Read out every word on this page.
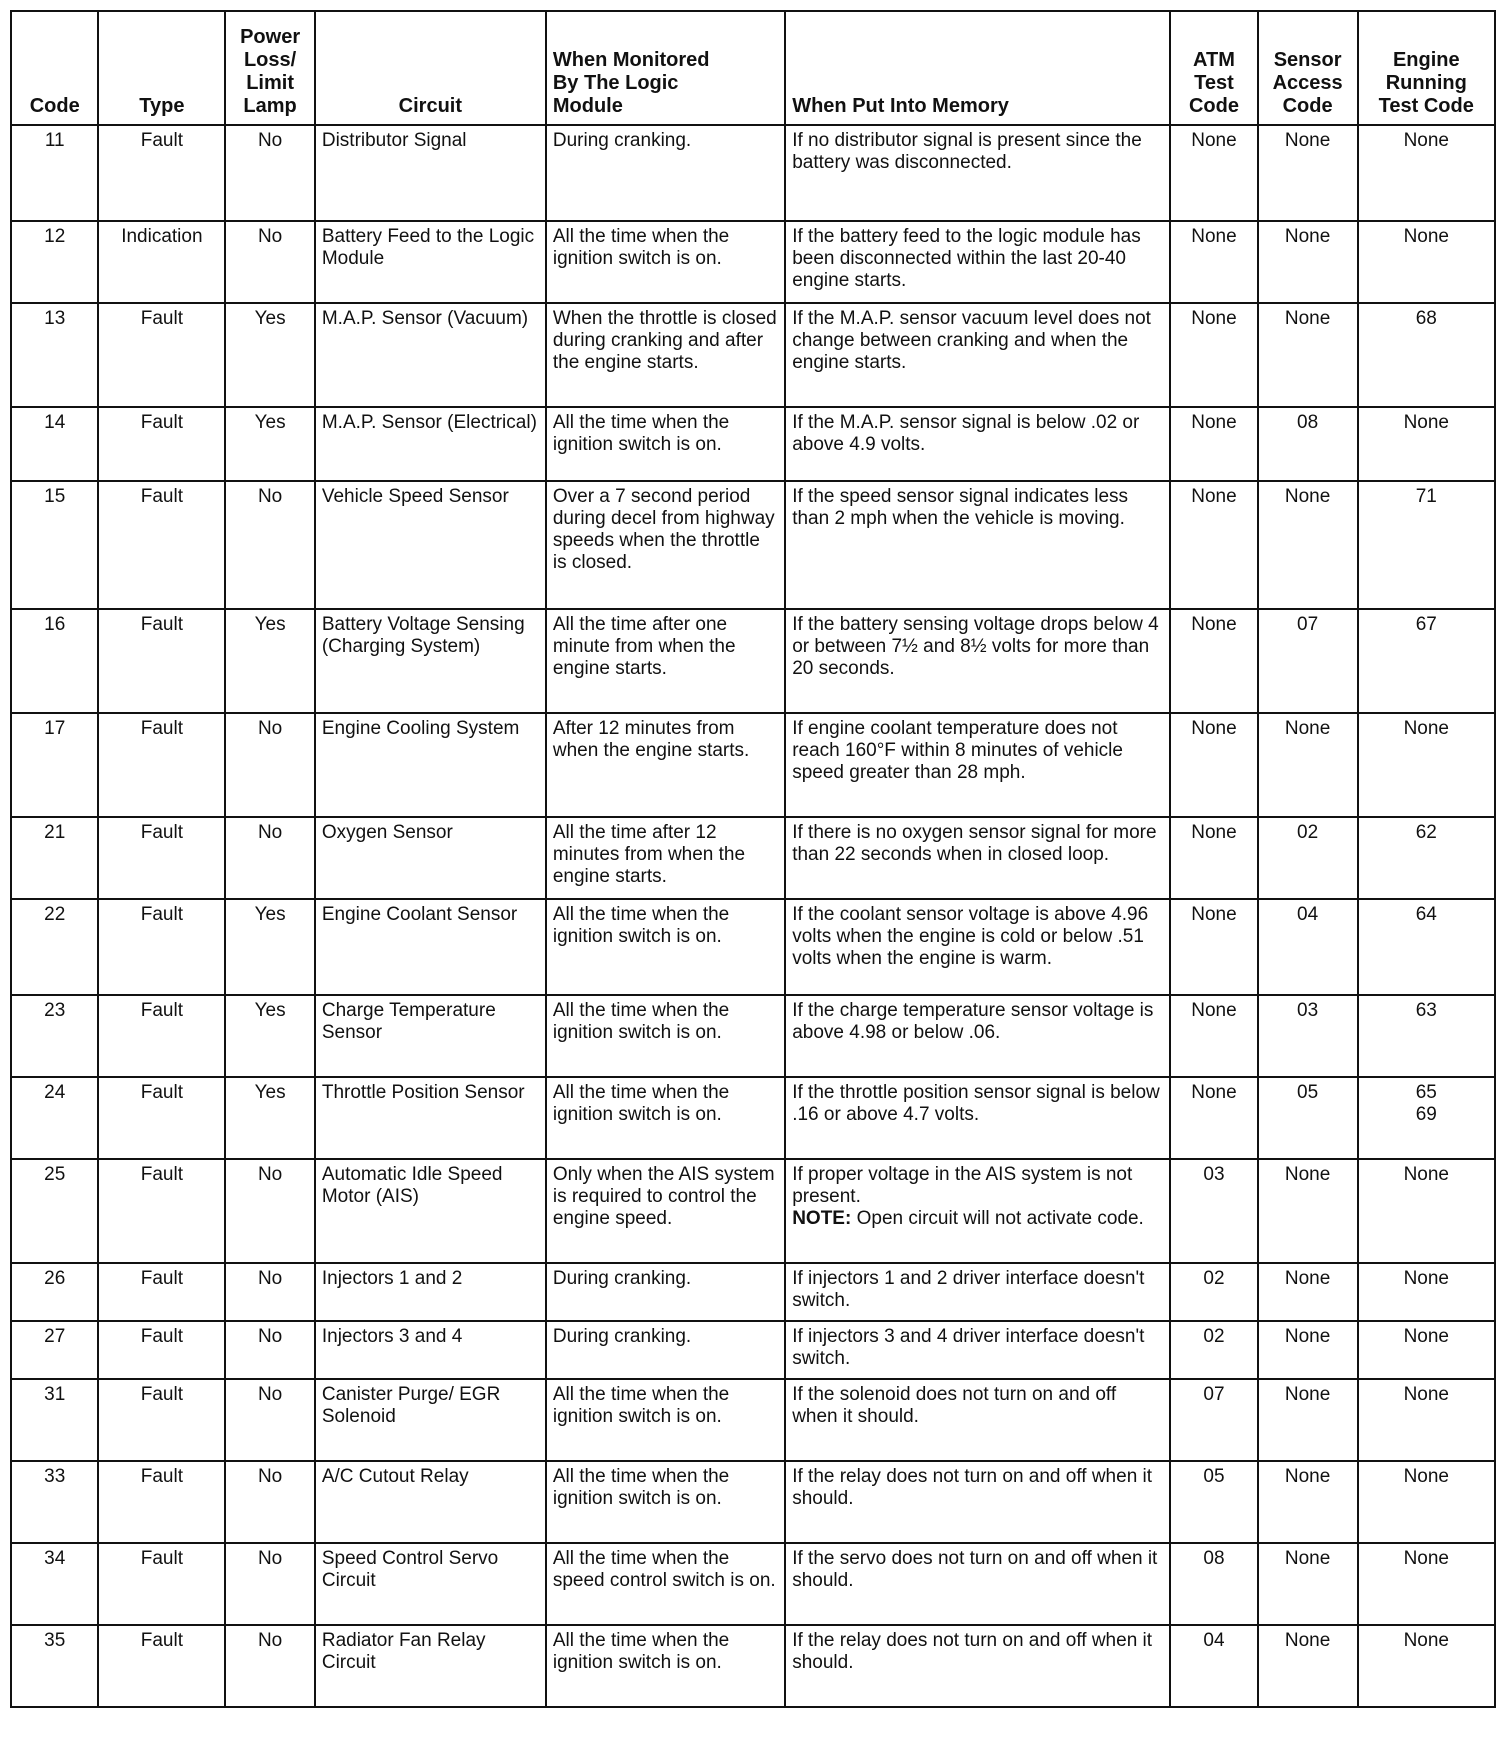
Code	Type	Power
Loss/
Limit
Lamp	Circuit	When Monitored
By The Logic
Module	When Put Into Memory	ATM
Test
Code	Sensor
Access
Code	Engine
Running
Test Code

11	Fault	No	Distributor Signal	During cranking.	If no distributor signal is present since the battery was disconnected.	None	None	None
12	Indication	No	Battery Feed to the Logic Module	All the time when the ignition switch is on.	If the battery feed to the logic module has been disconnected within the last 20-40 engine starts.	None	None	None
13	Fault	Yes	M.A.P. Sensor (Vacuum)	When the throttle is closed during cranking and after the engine starts.	If the M.A.P. sensor vacuum level does not change between cranking and when the engine starts.	None	None	68
14	Fault	Yes	M.A.P. Sensor (Electrical)	All the time when the ignition switch is on.	If the M.A.P. sensor signal is below .02 or above 4.9 volts.	None	08	None
15	Fault	No	Vehicle Speed Sensor	Over a 7 second period during decel from highway speeds when the throttle is closed.	If the speed sensor signal indicates less than 2 mph when the vehicle is moving.	None	None	71
16	Fault	Yes	Battery Voltage Sensing (Charging System)	All the time after one minute from when the engine starts.	If the battery sensing voltage drops below 4 or between 7½ and 8½ volts for more than 20 seconds.	None	07	67
17	Fault	No	Engine Cooling System	After 12 minutes from when the engine starts.	If engine coolant temperature does not reach 160°F within 8 minutes of vehicle speed greater than 28 mph.	None	None	None
21	Fault	No	Oxygen Sensor	All the time after 12 minutes from when the engine starts.	If there is no oxygen sensor signal for more than 22 seconds when in closed loop.	None	02	62
22	Fault	Yes	Engine Coolant Sensor	All the time when the ignition switch is on.	If the coolant sensor voltage is above 4.96 volts when the engine is cold or below .51 volts when the engine is warm.	None	04	64
23	Fault	Yes	Charge Temperature Sensor	All the time when the ignition switch is on.	If the charge temperature sensor voltage is above 4.98 or below .06.	None	03	63
24	Fault	Yes	Throttle Position Sensor	All the time when the ignition switch is on.	If the throttle position sensor signal is below .16 or above 4.7 volts.	None	05	65
69

25	Fault	No	Automatic Idle Speed Motor (AIS)	Only when the AIS system is required to control the engine speed.	If proper voltage in the AIS system is not present.
NOTE: Open circuit will not activate code.	03	None	None
26	Fault	No	Injectors 1 and 2	During cranking.	If injectors 1 and 2 driver interface doesn't switch.	02	None	None
27	Fault	No	Injectors 3 and 4	During cranking.	If injectors 3 and 4 driver interface doesn't switch.	02	None	None
31	Fault	No	Canister Purge/ EGR Solenoid	All the time when the ignition switch is on.	If the solenoid does not turn on and off when it should.	07	None	None
33	Fault	No	A/C Cutout Relay	All the time when the ignition switch is on.	If the relay does not turn on and off when it should.	05	None	None
34	Fault	No	Speed Control Servo Circuit	All the time when the speed control switch is on.	If the servo does not turn on and off when it should.	08	None	None
35	Fault	No	Radiator Fan Relay Circuit	All the time when the ignition switch is on.	If the relay does not turn on and off when it should.	04	None	None
